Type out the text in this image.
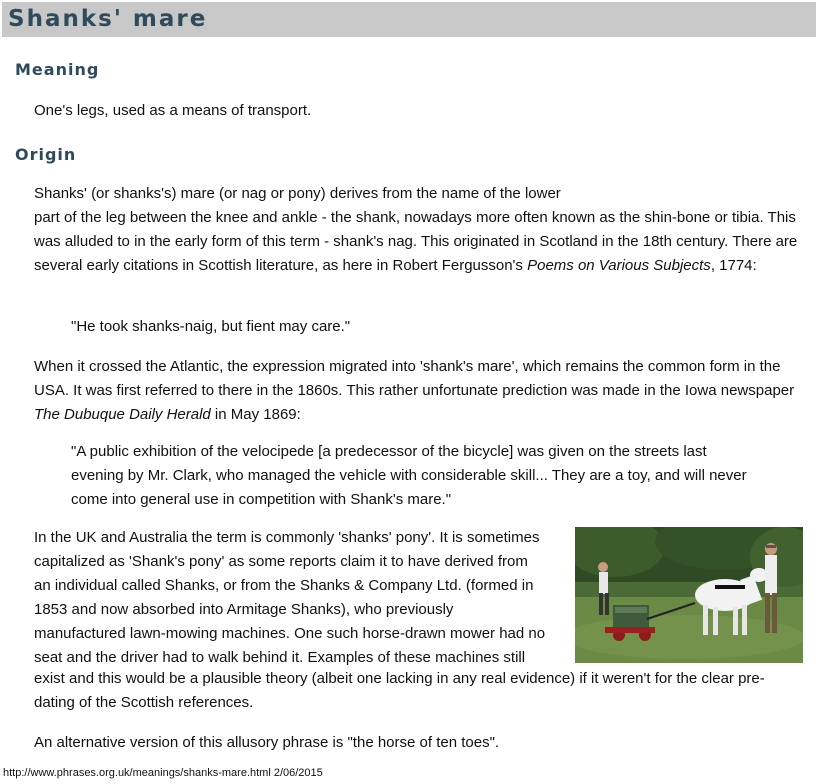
Shanks' mare
Meaning

One's legs, used as a means of transport.

Origin

Shanks' (or shanks's) mare (or nag or pony) derives from the name of the lower
part of the leg between the knee and ankle - the shank, nowadays more often known as the shin-bone or tibia. This was alluded to in the early form of this term - shank's nag. This originated in Scotland in the 18th century. There are several early citations in Scottish literature, as here in Robert Fergusson's Poems on Various Subjects, 1774:

"He took shanks-naig, but fient may care."

When it crossed the Atlantic, the expression migrated into 'shank's mare', which remains the common form in the USA. It was first referred to there in the 1860s. This rather unfortunate prediction was made in the Iowa newspaper The Dubuque Daily Herald in May 1869:

"A public exhibition of the velocipede [a predecessor of the bicycle] was given on the streets last evening by Mr. Clark, who managed the vehicle with considerable skill... They are a toy, and will never come into general use in competition with Shank's mare."

In the UK and Australia the term is commonly 'shanks' pony'. It is sometimes
capitalized as 'Shank's pony' as some reports claim it to have derived from
an individual called Shanks, or from the Shanks & Company Ltd. (formed in
1853 and now absorbed into Armitage Shanks), who previously
manufactured lawn-mowing machines. One such horse-drawn mower had no
seat and the driver had to walk behind it. Examples of these machines still

exist and this would be a plausible theory (albeit one lacking in any real evidence) if it weren't for the clear pre-dating of the Scottish references.

An alternative version of this allusory phrase is "the horse of ten toes".

http://www.phrases.org.uk/meanings/shanks-mare.html 2/06/2015
